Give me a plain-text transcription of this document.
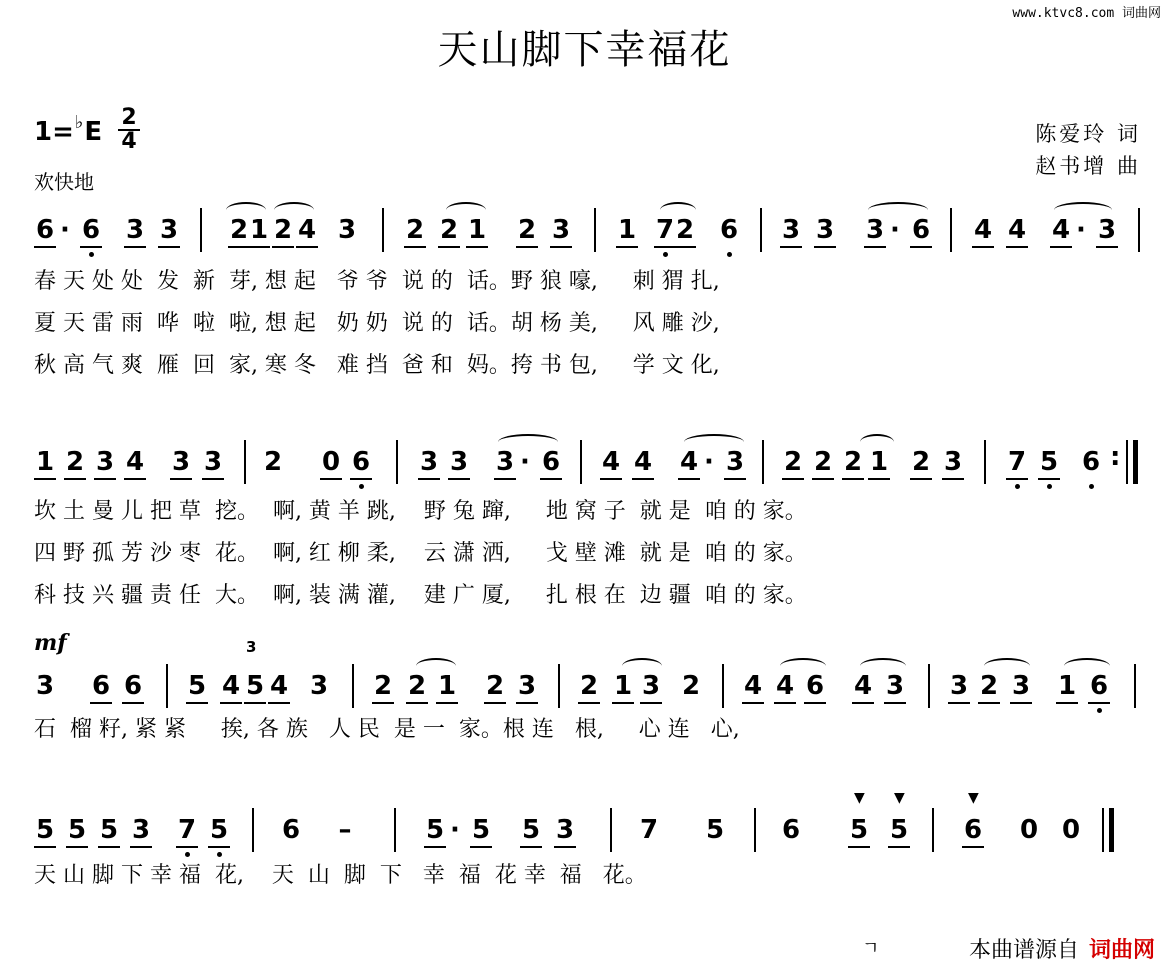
www.ktvc8.com 词曲网
天山脚下幸福花
1=♭E 2
4
欢快地
陈爱玲 词
赵书增 曲
6 · 6 3 3 2 1 2 4 3 2 2 1 2 3 1 7 2 6 3 3 3 · 6 4 4 4 · 3
春 天 处 处  发  新  芽, 想 起   爷 爷  说 的  话。野 狼 嚎,     刺 猬 扎,
夏 天 雷 雨  哗  啦  啦, 想 起   奶 奶  说 的  话。胡 杨 美,     风 雕 沙,
秋 高 气 爽  雁  回  家, 寒 冬   难 挡  爸 和  妈。挎 书 包,     学 文 化,
1 2 3 4 3 3 2 0 6 3 3 3 · 6 4 4 4 · 3 2 2 2 1 2 3 7 5 6 :
坎 土 曼 儿 把 草  挖。  啊, 黄 羊 跳,    野 兔 蹿,     地 窝 子  就 是  咱 的 家。
四 野 孤 芳 沙 枣  花。  啊, 红 柳 柔,    云 潇 洒,     戈 壁 滩  就 是  咱 的 家。
科 技 兴 疆 责 任  大。  啊, 装 满 灌,    建 广 厦,     扎 根 在  边 疆  咱 的 家。
mf
3 6 6
3
5 4 5 4 3 2 2 1 2 3 2 1 3 2 4 4 6 4 3 3 2 3 1 6
石  榴 籽, 紧 紧     挨, 各 族   人 民  是 一  家。根 连   根,     心 连   心,
5 5 5 3 7 5 6 –	5 · 5 5 3	7 5 6
▼ ▼
5 5
▼
6 0 0
天 山 脚 下 幸 福  花,    天  山  脚  下   幸  福  花 幸  福   花。
ㄱ	本曲谱源自 词曲网
